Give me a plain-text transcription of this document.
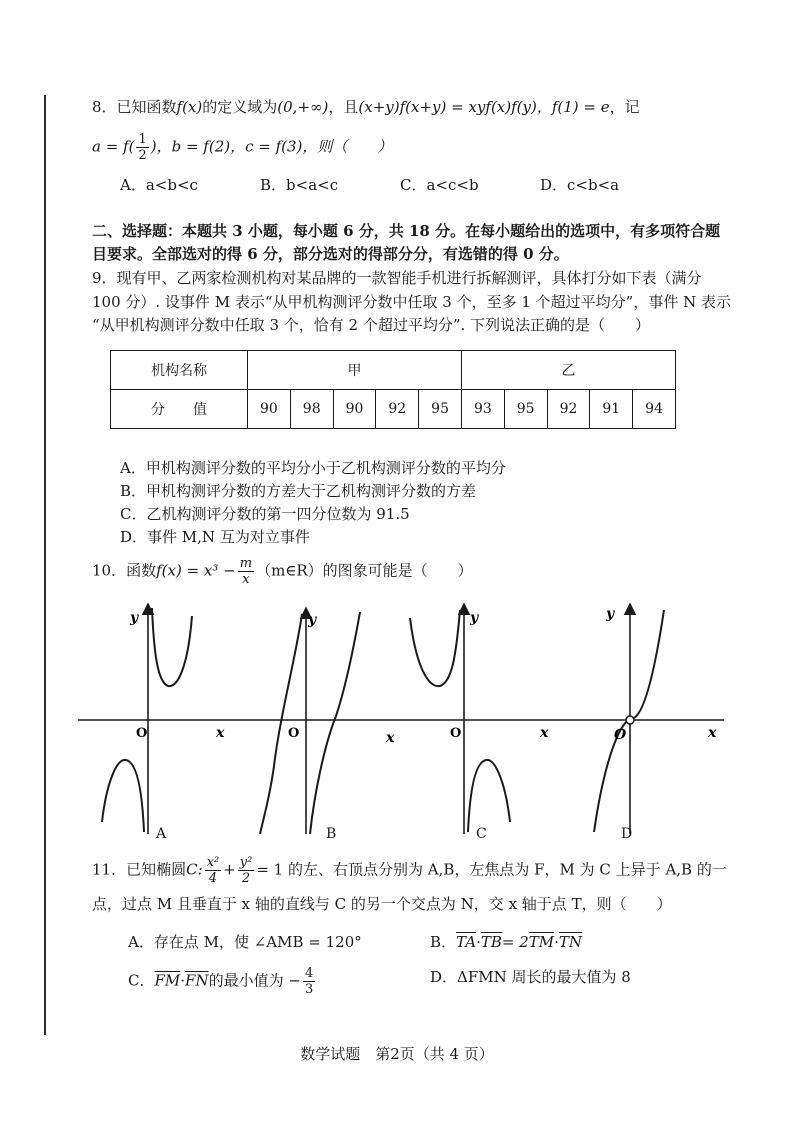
8．已知函数f(x)的定义域为(0,+∞)，且(x+y)f(x+y) = xyf(x)f(y)，f(1) = e，记
$a = f( \frac{1}{2}$ )，b = f(2)，c = f(3)，则（　　）
A．a<b<c	B．b<a<c	C．a<c<b	D．c<b<a
二、选择题：本题共 3 小题，每小题 6 分，共 18 分。在每小题给出的选项中，有多项符合题
目要求。全部选对的得 6 分，部分选对的得部分分，有选错的得 0 分。
9．现有甲、乙两家检测机构对某品牌的一款智能手机进行拆解测评，具体打分如下表（满分
100 分）. 设事件 M 表示“从甲机构测评分数中任取 3 个，至多 1 个超过平均分”，事件 N 表示
“从甲机构测评分数中任取 3 个，恰有 2 个超过平均分”. 下列说法正确的是（　　）
机构名称	甲					乙				
分　　值	90	98	90	92	95	93	95	92	91	94
A．甲机构测评分数的平均分小于乙机构测评分数的平均分
B．甲机构测评分数的方差大于乙机构测评分数的方差
C．乙机构测评分数的第一四分位数为 91.5
D．事件 M,N 互为对立事件
10．函数$f(x) = x^3 - \frac{m}{x}$ （m∈R）的图象可能是（　　）
y
O	x
y
O	x
y
O	x
y
O	x
A	B	C	D
11．已知椭圆C: $\frac{\text{x²}}{4} + \frac{\text{y²}}{2} = 1$ 的左、右顶点分别为 A,B，左焦点为 F，M 为 C 上异于 A,B 的一
点，过点 M 且垂直于 x 轴的直线与 C 的另一个交点为 N，交 x 轴于点 T，则（　　）
A．存在点 M，使 ∠AMB = 120°	B．$\overline{TA}\cdot\overline{TB}= 2\overline{TM}\cdot\overline{TN}$
C．$\overline{FM}\cdot\overline{FN}$的最小值为 − $\frac{4}{3}$	D．ΔFMN 周长的最大值为 8
数学试题　第2页（共 4 页）
